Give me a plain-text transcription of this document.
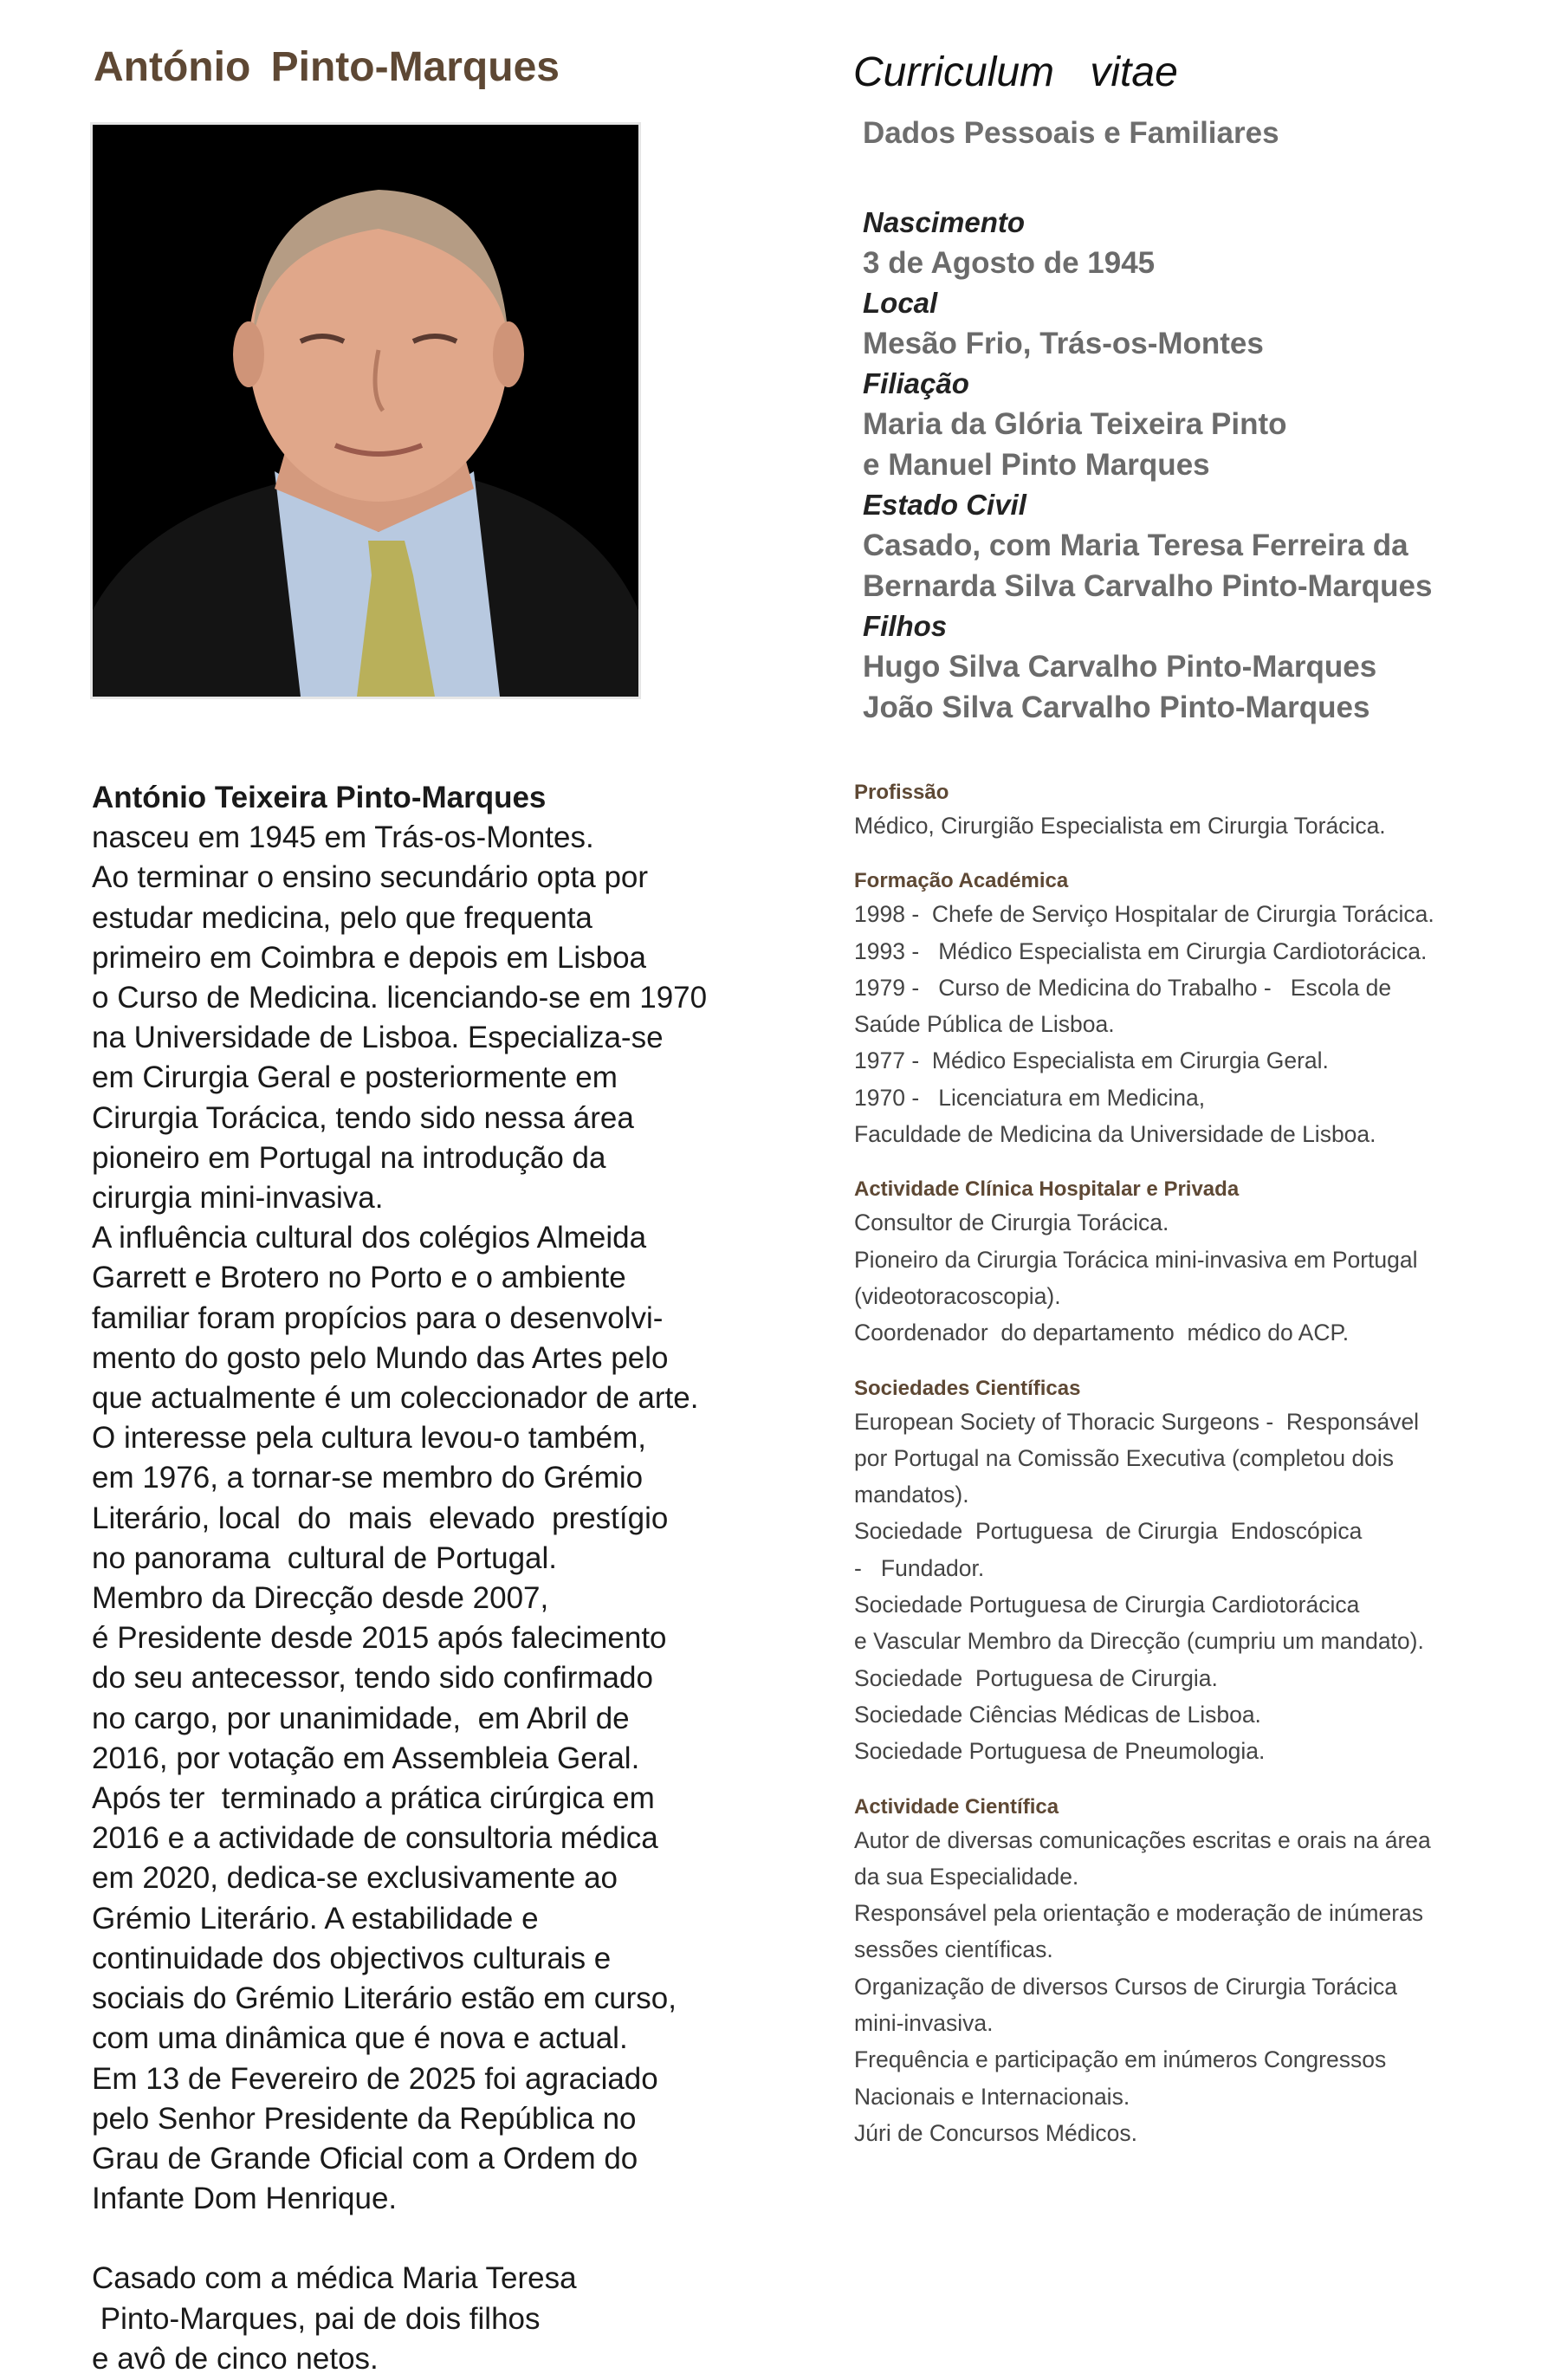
António Pinto-Marques	Curriculum vitae
Dados Pessoais e Familiares
Nascimento
3 de Agosto de 1945
Local
Mesão Frio, Trás-os-Montes
Filiação
Maria da Glória Teixeira Pinto
e Manuel Pinto Marques
Estado Civil
Casado, com Maria Teresa Ferreira da
Bernarda Silva Carvalho Pinto-Marques
Filhos
Hugo Silva Carvalho Pinto-Marques
João Silva Carvalho Pinto-Marques

António Teixeira Pinto-Marques

nasceu em 1945 em Trás-os-Montes.

Ao terminar o ensino secundário opta por

estudar medicina, pelo que frequenta

primeiro em Coimbra e depois em Lisboa

o Curso de Medicina. licenciando-se em 1970

na Universidade de Lisboa. Especializa-se

em Cirurgia Geral e posteriormente em

Cirurgia Torácica, tendo sido nessa área

pioneiro em Portugal na introdução da

cirurgia mini-invasiva.

A influência cultural dos colégios Almeida

Garrett e Brotero no Porto e o ambiente

familiar foram propícios para o desenvolvi-

mento do gosto pelo Mundo das Artes pelo

que actualmente é um coleccionador de arte.

O interesse pela cultura levou-o também,

em 1976, a tornar-se membro do Grémio

Literário, local  do  mais  elevado  prestígio

no panorama  cultural de Portugal.

Membro da Direcção desde 2007,

é Presidente desde 2015 após falecimento

do seu antecessor, tendo sido confirmado

no cargo, por unanimidade,  em Abril de

2016, por votação em Assembleia Geral.

Após ter  terminado a prática cirúrgica em

2016 e a actividade de consultoria médica

em 2020, dedica-se exclusivamente ao

Grémio Literário. A estabilidade e

continuidade dos objectivos culturais e

sociais do Grémio Literário estão em curso,

com uma dinâmica que é nova e actual.

Em 13 de Fevereiro de 2025 foi agraciado

pelo Senhor Presidente da República no

Grau de Grande Oficial com a Ordem do

Infante Dom Henrique.

Casado com a médica Maria Teresa

Pinto-Marques, pai de dois filhos

e avô de cinco netos.

Profissão
Médico, Cirurgião Especialista em Cirurgia Torácica.
Formação Académica
1998 -  Chefe de Serviço Hospitalar de Cirurgia Torácica.
1993 -   Médico Especialista em Cirurgia Cardiotorácica.
1979 -   Curso de Medicina do Trabalho -   Escola de
Saúde Pública de Lisboa.
1977 -  Médico Especialista em Cirurgia Geral.
1970 -   Licenciatura em Medicina,
Faculdade de Medicina da Universidade de Lisboa.
Actividade Clínica Hospitalar e Privada
Consultor de Cirurgia Torácica.
Pioneiro da Cirurgia Torácica mini-invasiva em Portugal
(videotoracoscopia).
Coordenador  do departamento  médico do ACP.
Sociedades Científicas
European Society of Thoracic Surgeons -  Responsável
por Portugal na Comissão Executiva (completou dois
mandatos).
Sociedade  Portuguesa  de Cirurgia  Endoscópica
-   Fundador.
Sociedade Portuguesa de Cirurgia Cardiotorácica
e Vascular Membro da Direcção (cumpriu um mandato).
Sociedade  Portuguesa de Cirurgia.
Sociedade Ciências Médicas de Lisboa.
Sociedade Portuguesa de Pneumologia.
Actividade Científica
Autor de diversas comunicações escritas e orais na área
da sua Especialidade.
Responsável pela orientação e moderação de inúmeras
sessões científicas.
Organização de diversos Cursos de Cirurgia Torácica
mini-invasiva.
Frequência e participação em inúmeros Congressos
Nacionais e Internacionais.
Júri de Concursos Médicos.
